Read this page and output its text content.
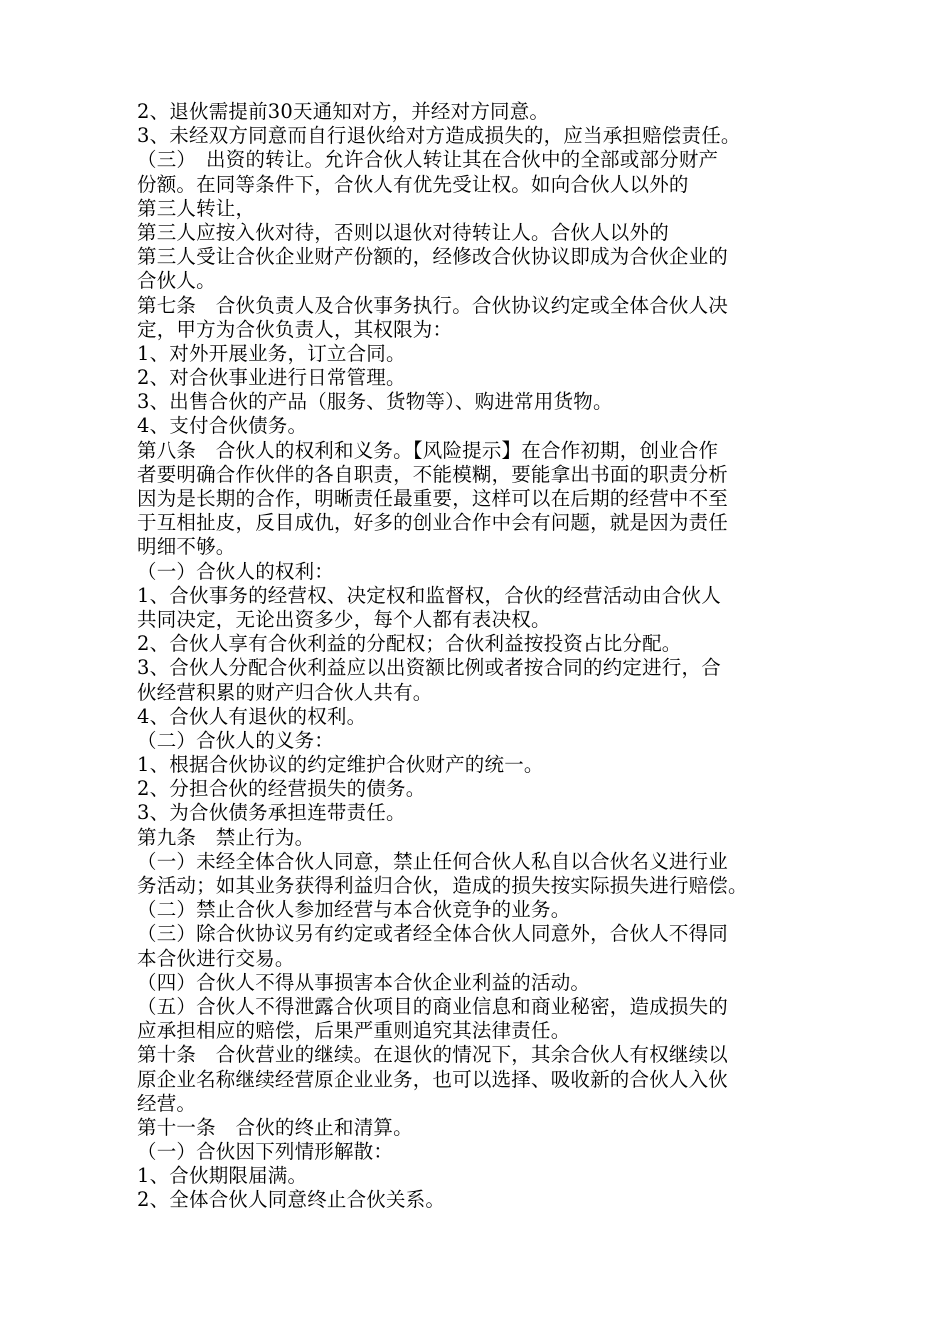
2、退伙需提前30天通知对方，并经对方同意。
3、未经双方同意而自行退伙给对方造成损失的，应当承担赔偿责任。
（三）　出资的转让。允许合伙人转让其在合伙中的全部或部分财产
份额。在同等条件下，合伙人有优先受让权。如向合伙人以外的
第三人转让，
第三人应按入伙对待，否则以退伙对待转让人。合伙人以外的
第三人受让合伙企业财产份额的，经修改合伙协议即成为合伙企业的
合伙人。
第七条　合伙负责人及合伙事务执行。合伙协议约定或全体合伙人决
定，甲方为合伙负责人，其权限为：
1、对外开展业务，订立合同。
2、对合伙事业进行日常管理。
3、出售合伙的产品（服务、货物等）、购进常用货物。
4、支付合伙债务。
第八条　合伙人的权利和义务。【风险提示】在合作初期，创业合作
者要明确合作伙伴的各自职责，不能模糊，要能拿出书面的职责分析
因为是长期的合作，明晰责任最重要，这样可以在后期的经营中不至
于互相扯皮，反目成仇，好多的创业合作中会有问题，就是因为责任
明细不够。
（一）合伙人的权利：
1、合伙事务的经营权、决定权和监督权，合伙的经营活动由合伙人
共同决定，无论出资多少，每个人都有表决权。
2、合伙人享有合伙利益的分配权；合伙利益按投资占比分配。
3、合伙人分配合伙利益应以出资额比例或者按合同的约定进行，合
伙经营积累的财产归合伙人共有。
4、合伙人有退伙的权利。
（二）合伙人的义务：
1、根据合伙协议的约定维护合伙财产的统一。
2、分担合伙的经营损失的债务。
3、为合伙债务承担连带责任。
第九条　禁止行为。
（一）未经全体合伙人同意，禁止任何合伙人私自以合伙名义进行业
务活动；如其业务获得利益归合伙，造成的损失按实际损失进行赔偿。
（二）禁止合伙人参加经营与本合伙竞争的业务。
（三）除合伙协议另有约定或者经全体合伙人同意外，合伙人不得同
本合伙进行交易。
（四）合伙人不得从事损害本合伙企业利益的活动。
（五）合伙人不得泄露合伙项目的商业信息和商业秘密，造成损失的
应承担相应的赔偿，后果严重则追究其法律责任。
第十条　合伙营业的继续。在退伙的情况下，其余合伙人有权继续以
原企业名称继续经营原企业业务，也可以选择、吸收新的合伙人入伙
经营。
第十一条　合伙的终止和清算。
（一）合伙因下列情形解散：
1、合伙期限届满。
2、全体合伙人同意终止合伙关系。
